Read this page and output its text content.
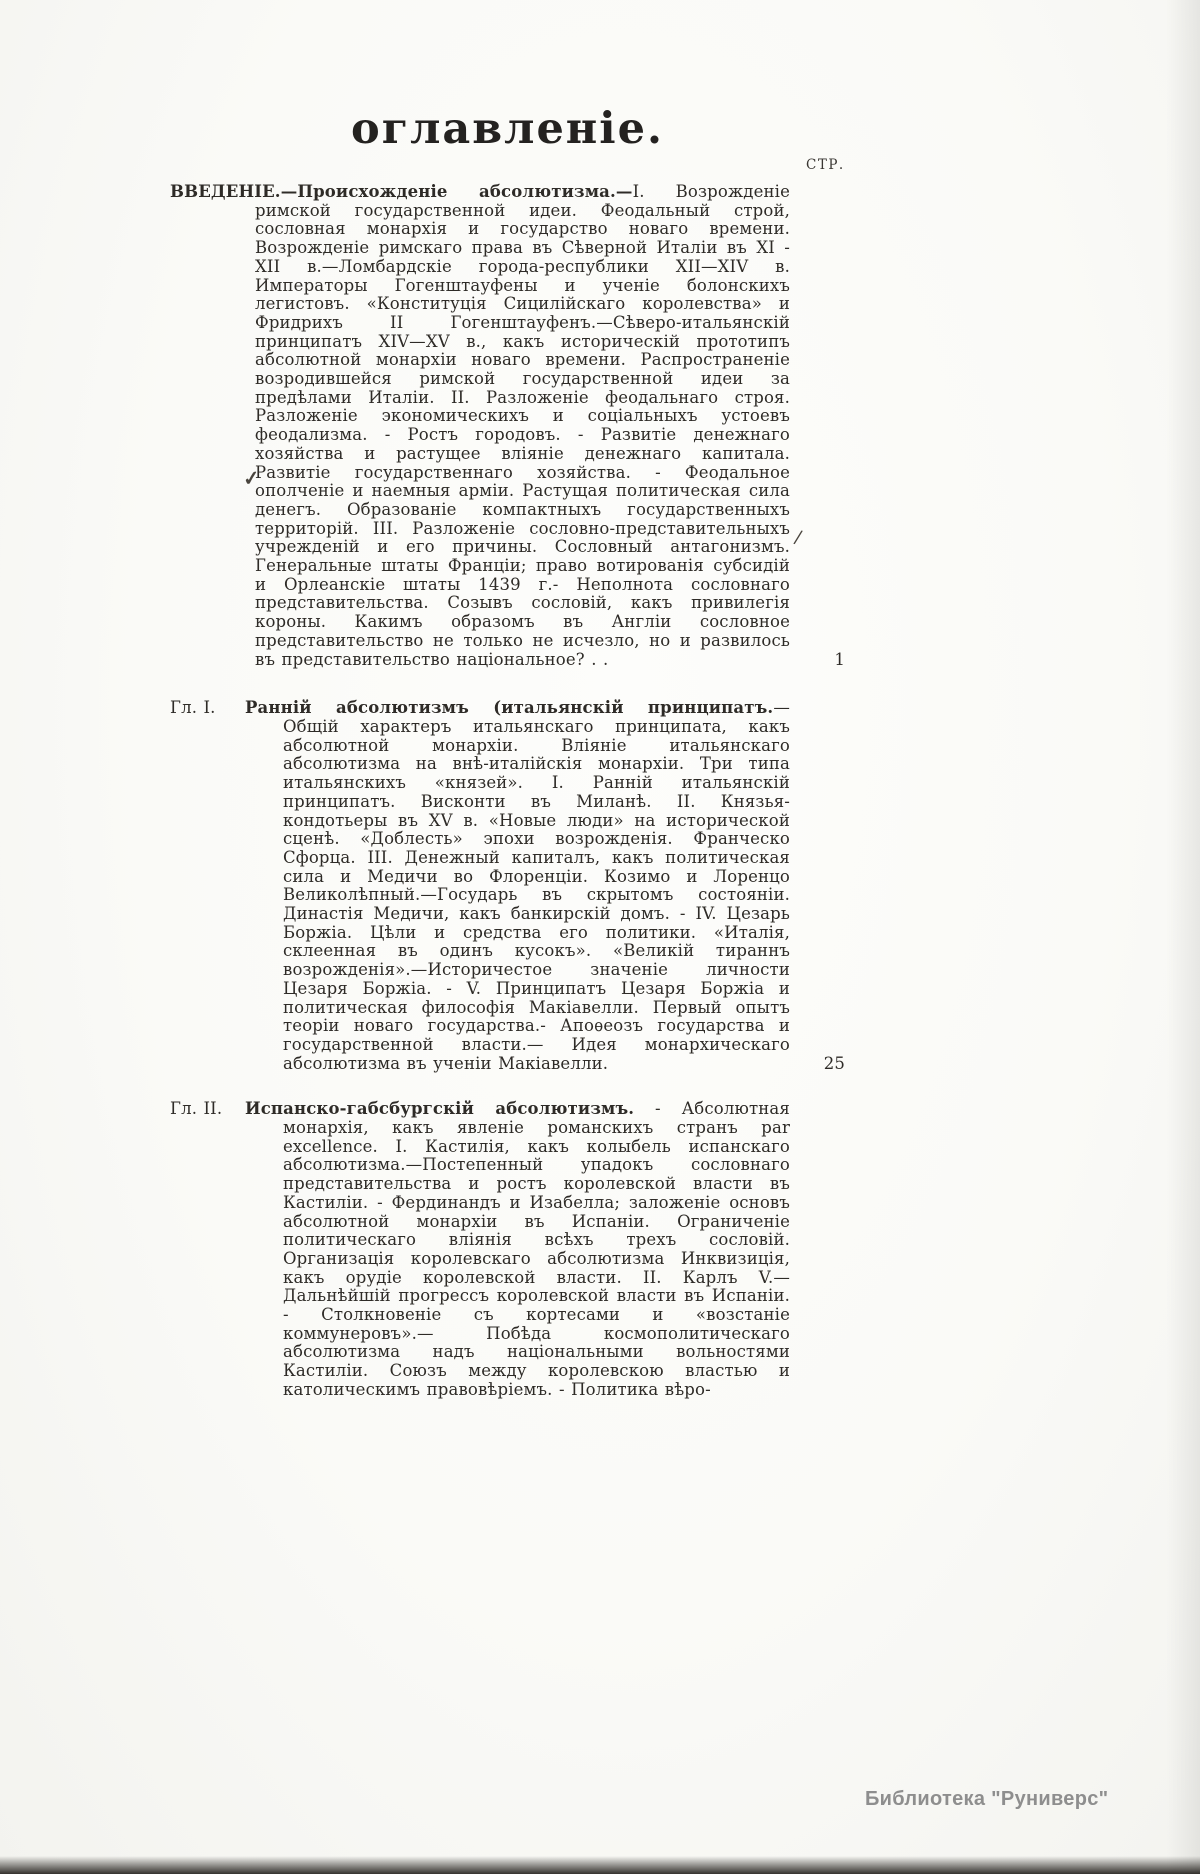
оглавленіе.
СТР.
ВВЕДЕНІЕ.—Происхожденіе абсолютизма.—I. Возрожденіе римской государственной идеи. Феодальный строй, сословная монархія и государство новаго времени. Возрожденіе римскаго права въ Сѣверной Италіи въ XI - XII в.—Ломбардскіе города-республики XII—XIV в. Императоры Гогенштауфены и ученіе болонскихъ легистовъ. «Конституція Сицилійскаго королевства» и Фридрихъ II Гогенштауфенъ.—Сѣверо-итальянскій принципатъ XIV—XV в., какъ историческій прототипъ абсолютной монархіи новаго времени. Распространеніе возродившейся римской государственной идеи за предѣлами Италіи. II. Разложеніе феодальнаго строя. Разложеніе экономическихъ и соціальныхъ устоевъ феодализма. - Ростъ городовъ. - Развитіе денежнаго хозяйства и растущее вліяніе денежнаго капитала. Развитіе государственнаго хозяйства. - Феодальное ополченіе и наемныя арміи. Растущая политическая сила денегъ. Образованіе компактныхъ государственныхъ территорій. III. Разложеніе сословно-представительныхъ учрежденій и его причины. Сословный антагонизмъ. Генеральные штаты Франціи; право вотированія субсидій и Орлеанскіе штаты 1439 г.- Неполнота сословнаго представительства. Созывъ сословій, какъ привилегія короны. Какимъ образомъ въ Англіи сословное представительство не только не исчезло, но и развилось въ представительство національное? . .	1
Гл. I.	Ранній абсолютизмъ (итальянскій принципатъ.—Общій характеръ итальянскаго принципата, какъ абсолютной монархіи. Вліяніе итальянскаго абсолютизма на внѣ-италійскія монархіи. Три типа итальянскихъ «князей». I. Ранній итальянскій принципатъ. Висконти въ Миланѣ. II. Князья-кондотьеры въ XV в. «Новые люди» на исторической сценѣ. «Доблесть» эпохи возрожденія. Франческо Сфорца. III. Денежный капиталъ, какъ политическая сила и Медичи во Флоренціи. Козимо и Лоренцо Великолѣпный.—Государь въ скрытомъ состояніи. Династія Медичи, какъ банкирскій домъ. - IV. Цезарь Боржіа. Цѣли и средства его политики. «Италія, склеенная въ одинъ кусокъ». «Великій тираннъ возрожденія».—Историчестое значеніе личности Цезаря Боржіа. - V. Принципатъ Цезаря Боржіа и политическая философія Макіавелли. Первый опытъ теоріи новаго государства.- Апоѳеозъ государства и государственной власти.— Идея монархическаго абсолютизма въ ученіи Макіавелли.	25
Гл. II.	Испанско-габсбургскій абсолютизмъ. - Абсолютная монархія, какъ явленіе романскихъ странъ par excellence. I. Кастилія, какъ колыбель испанскаго абсолютизма.—Постепенный упадокъ сословнаго представительства и ростъ королевской власти въ Кастиліи. - Фердинандъ и Изабелла; заложеніе основъ абсолютной монархіи въ Испаніи. Ограниченіе политическаго вліянія всѣхъ трехъ сословій. Организація королевскаго абсолютизма Инквизиція, какъ орудіе королевской власти. II. Карлъ V.— Дальнѣйшій прогрессъ королевской власти въ Испаніи. - Столкновеніе съ кортесами и «возстаніе коммунеровъ».— Побѣда космополитическаго абсолютизма надъ національными вольностями Кастиліи. Союзъ между королевскою властью и католическимъ правовѣріемъ. - Политика вѣро-
✓
/
Библиотека "Руниверс"
